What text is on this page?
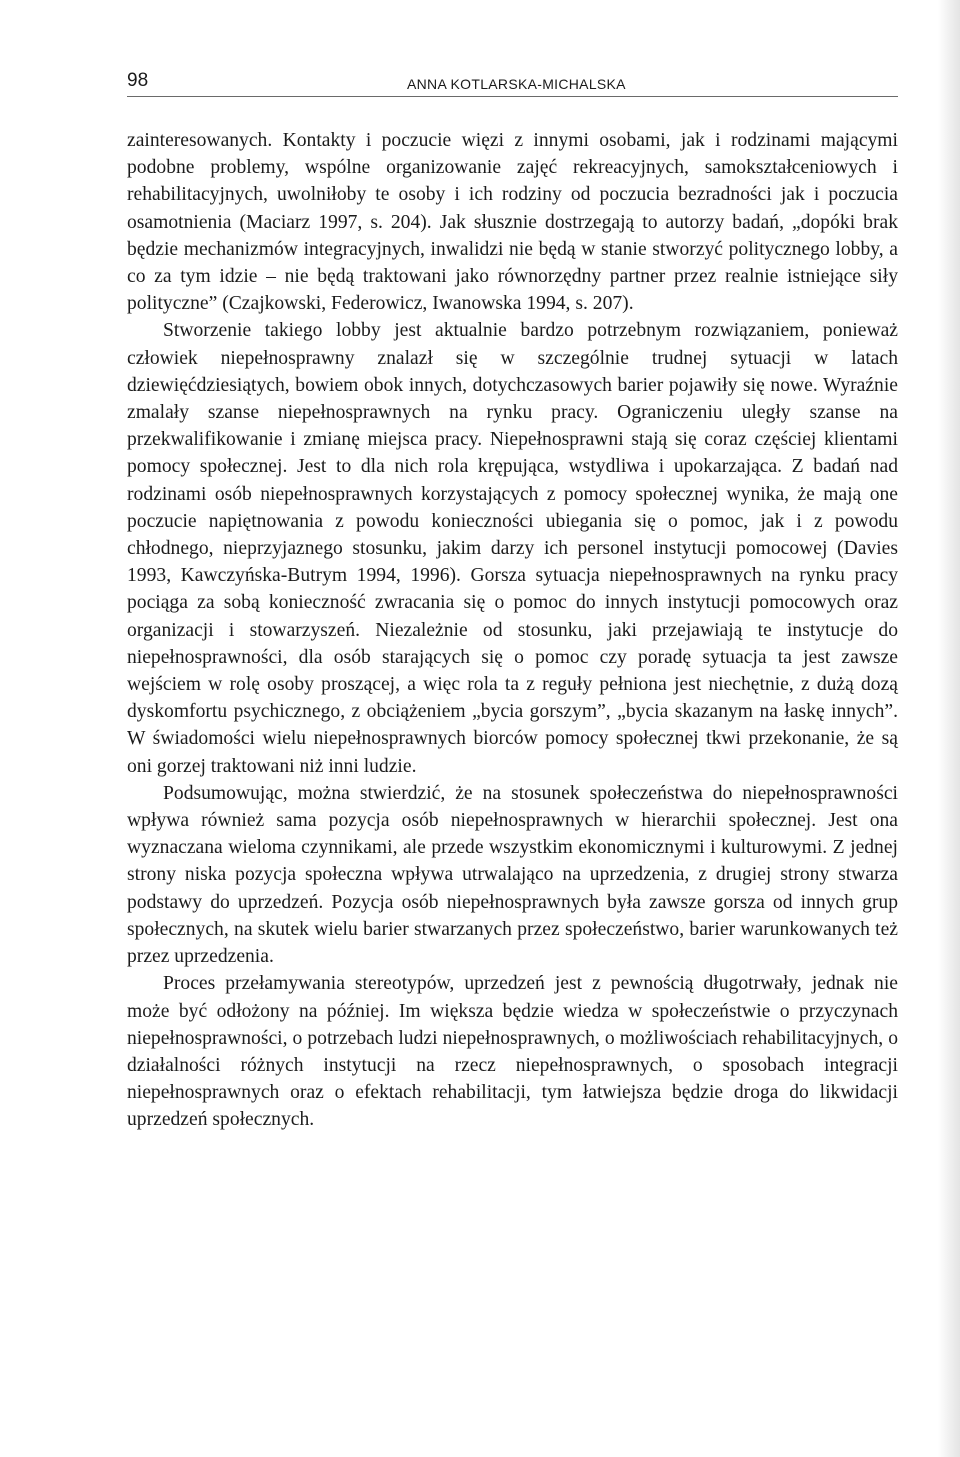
98	ANNA KOTLARSKA-MICHALSKA

zainteresowanych. Kontakty i poczucie więzi z innymi osobami, jak i rodzinami mającymi podobne problemy, wspólne organizowanie zajęć rekreacyjnych, samokształceniowych i rehabilitacyjnych, uwolniłoby te osoby i ich rodziny od poczucia bezradności jak i poczucia osamotnienia (Maciarz 1997, s. 204). Jak słusznie dostrzegają to autorzy badań, „dopóki brak będzie mechanizmów integracyjnych, inwalidzi nie będą w stanie stworzyć politycznego lobby, a co za tym idzie – nie będą traktowani jako równorzędny partner przez realnie istniejące siły polityczne” (Czajkowski, Federowicz, Iwanowska 1994, s. 207).

Stworzenie takiego lobby jest aktualnie bardzo potrzebnym rozwiązaniem, ponieważ człowiek niepełnosprawny znalazł się w szczególnie trudnej sytuacji w latach dziewięćdziesiątych, bowiem obok innych, dotychczasowych barier pojawiły się nowe. Wyraźnie zmalały szanse niepełnosprawnych na rynku pracy. Ograniczeniu uległy szanse na przekwalifikowanie i zmianę miejsca pracy. Niepełnosprawni stają się coraz częściej klientami pomocy społecznej. Jest to dla nich rola krępująca, wstydliwa i upokarzająca. Z badań nad rodzinami osób niepełnosprawnych korzystających z pomocy społecznej wynika, że mają one poczucie napiętnowania z powodu konieczności ubiegania się o pomoc, jak i z powodu chłodnego, nieprzyjaznego stosunku, jakim darzy ich personel instytucji pomocowej (Davies 1993, Kawczyńska-Butrym 1994, 1996). Gorsza sytuacja niepełnosprawnych na rynku pracy pociąga za sobą konieczność zwracania się o pomoc do innych instytucji pomocowych oraz organizacji i stowarzyszeń. Niezależnie od stosunku, jaki przejawiają te instytucje do niepełnosprawności, dla osób starających się o pomoc czy poradę sytuacja ta jest zawsze wejściem w rolę osoby proszącej, a więc rola ta z reguły pełniona jest niechętnie, z dużą dozą dyskomfortu psychicznego, z obciążeniem „bycia gorszym”, „bycia skazanym na łaskę innych”. W świadomości wielu niepełnosprawnych biorców pomocy społecznej tkwi przekonanie, że są oni gorzej traktowani niż inni ludzie.

Podsumowując, można stwierdzić, że na stosunek społeczeństwa do niepełnosprawności wpływa również sama pozycja osób niepełnosprawnych w hierarchii społecznej. Jest ona wyznaczana wieloma czynnikami, ale przede wszystkim ekonomicznymi i kulturowymi. Z jednej strony niska pozycja społeczna wpływa utrwalająco na uprzedzenia, z drugiej strony stwarza podstawy do uprzedzeń. Pozycja osób niepełnosprawnych była zawsze gorsza od innych grup społecznych, na skutek wielu barier stwarzanych przez społeczeństwo, barier warunkowanych też przez uprzedzenia.

Proces przełamywania stereotypów, uprzedzeń jest z pewnością długotrwały, jednak nie może być odłożony na później. Im większa będzie wiedza w społeczeństwie o przyczynach niepełnosprawności, o potrzebach ludzi niepełnosprawnych, o możliwościach rehabilitacyjnych, o działalności różnych instytucji na rzecz niepełnosprawnych, o sposobach integracji niepełnosprawnych oraz o efektach rehabilitacji, tym łatwiejsza będzie droga do likwidacji uprzedzeń społecznych.
